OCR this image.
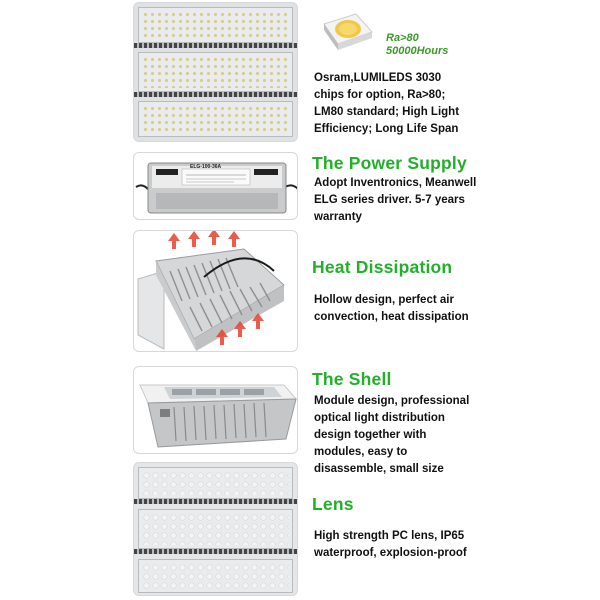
Ra>80
50000Hours
Osram,LUMILEDS 3030 chips for option, Ra>80; LM80 standard; High Light Efficiency; Long Life Span
ELG-100-36A	The Power Supply
Adopt Inventronics, Meanwell ELG series driver. 5-7 years warranty
Heat Dissipation
Hollow design, perfect air convection, heat dissipation
The Shell
Module design, professional optical light distribution design together with modules, easy to disassemble, small size
Lens
High strength PC lens, IP65 waterproof, explosion-proof
